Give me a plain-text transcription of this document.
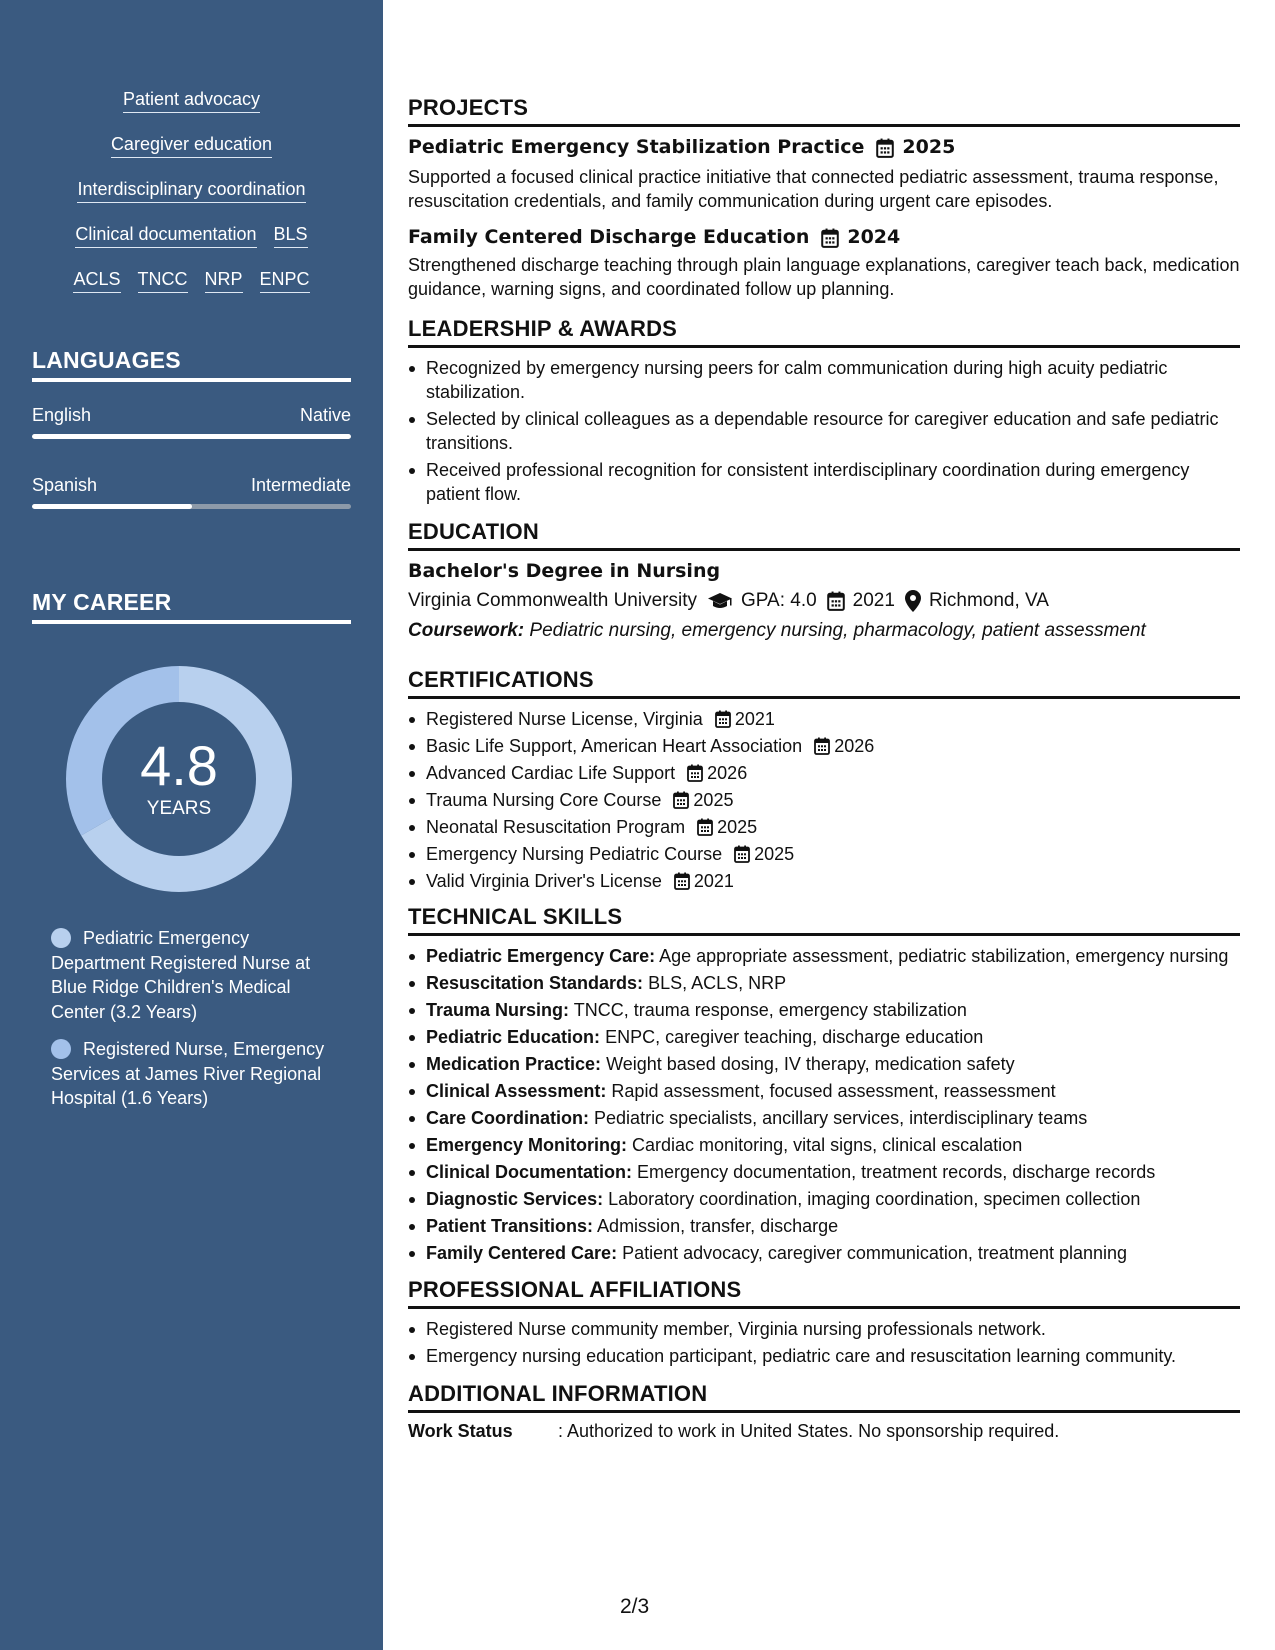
Patient advocacy
Caregiver education
Interdisciplinary coordination
Clinical documentation BLS
ACLS TNCC NRP ENPC
LANGUAGES
English	Native
Spanish	Intermediate
MY CAREER
4.8
YEARS
Pediatric Emergency Department Registered Nurse at Blue Ridge Children's Medical Center (3.2 Years)
Registered Nurse, Emergency Services at James River Regional Hospital (1.6 Years)
PROJECTS
Pediatric Emergency Stabilization Practice 2025
Supported a focused clinical practice initiative that connected pediatric assessment, trauma response, resuscitation credentials, and family communication during urgent care episodes.
Family Centered Discharge Education 2024
Strengthened discharge teaching through plain language explanations, caregiver teach back, medication guidance, warning signs, and coordinated follow up planning.
LEADERSHIP & AWARDS
Recognized by emergency nursing peers for calm communication during high acuity pediatric stabilization.
Selected by clinical colleagues as a dependable resource for caregiver education and safe pediatric transitions.
Received professional recognition for consistent interdisciplinary coordination during emergency patient flow.
EDUCATION
Bachelor's Degree in Nursing
Virginia Commonwealth University GPA: 4.0 2021 Richmond, VA
Coursework: Pediatric nursing, emergency nursing, pharmacology, patient assessment
CERTIFICATIONS
Registered Nurse License, Virginia 2021
Basic Life Support, American Heart Association 2026
Advanced Cardiac Life Support 2026
Trauma Nursing Core Course 2025
Neonatal Resuscitation Program 2025
Emergency Nursing Pediatric Course 2025
Valid Virginia Driver's License 2021
TECHNICAL SKILLS
Pediatric Emergency Care: Age appropriate assessment, pediatric stabilization, emergency nursing
Resuscitation Standards: BLS, ACLS, NRP
Trauma Nursing: TNCC, trauma response, emergency stabilization
Pediatric Education: ENPC, caregiver teaching, discharge education
Medication Practice: Weight based dosing, IV therapy, medication safety
Clinical Assessment: Rapid assessment, focused assessment, reassessment
Care Coordination: Pediatric specialists, ancillary services, interdisciplinary teams
Emergency Monitoring: Cardiac monitoring, vital signs, clinical escalation
Clinical Documentation: Emergency documentation, treatment records, discharge records
Diagnostic Services: Laboratory coordination, imaging coordination, specimen collection
Patient Transitions: Admission, transfer, discharge
Family Centered Care: Patient advocacy, caregiver communication, treatment planning
PROFESSIONAL AFFILIATIONS
Registered Nurse community member, Virginia nursing professionals network.
Emergency nursing education participant, pediatric care and resuscitation learning community.
ADDITIONAL INFORMATION
Work Status	: Authorized to work in United States. No sponsorship required.
2/3
